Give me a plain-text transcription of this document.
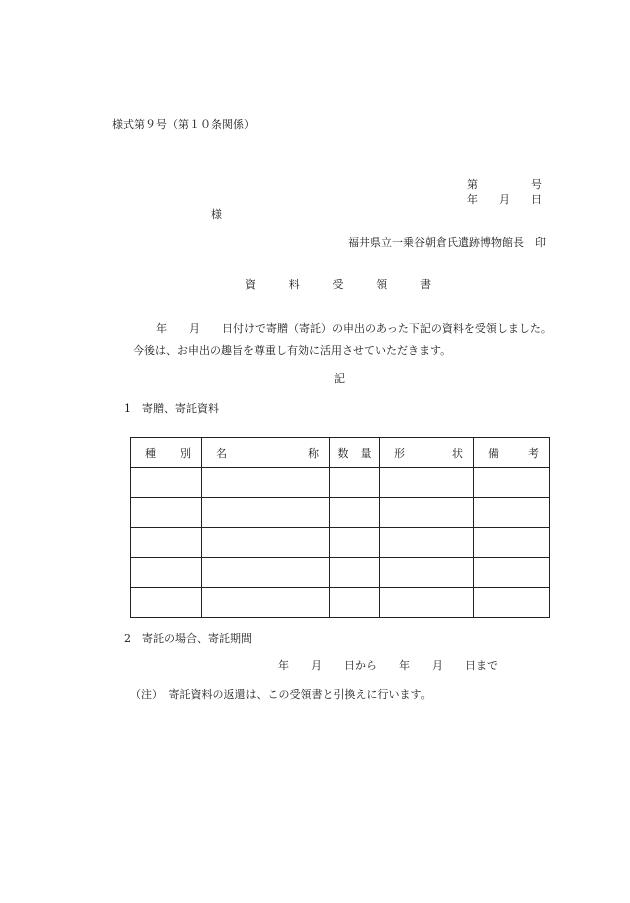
様式第９号（第１０条関係）
第	号
年 月 日
様
福井県立一乗谷朝倉氏遺跡博物館長　印
資	料	受	領	書
年　　月　　日付けで寄贈（寄託）の申出のあった下記の資料を受領しました。
今後は、お申出の趣旨を尊重し有効に活用させていただきます。
記
1　寄贈、寄託資料
種 別	名 称	数 量	形 状	備 考

2　寄託の場合、寄託期間
年　　月　　日から　　年　　月　　日まで
（注）　寄託資料の返還は、この受領書と引換えに行います。
